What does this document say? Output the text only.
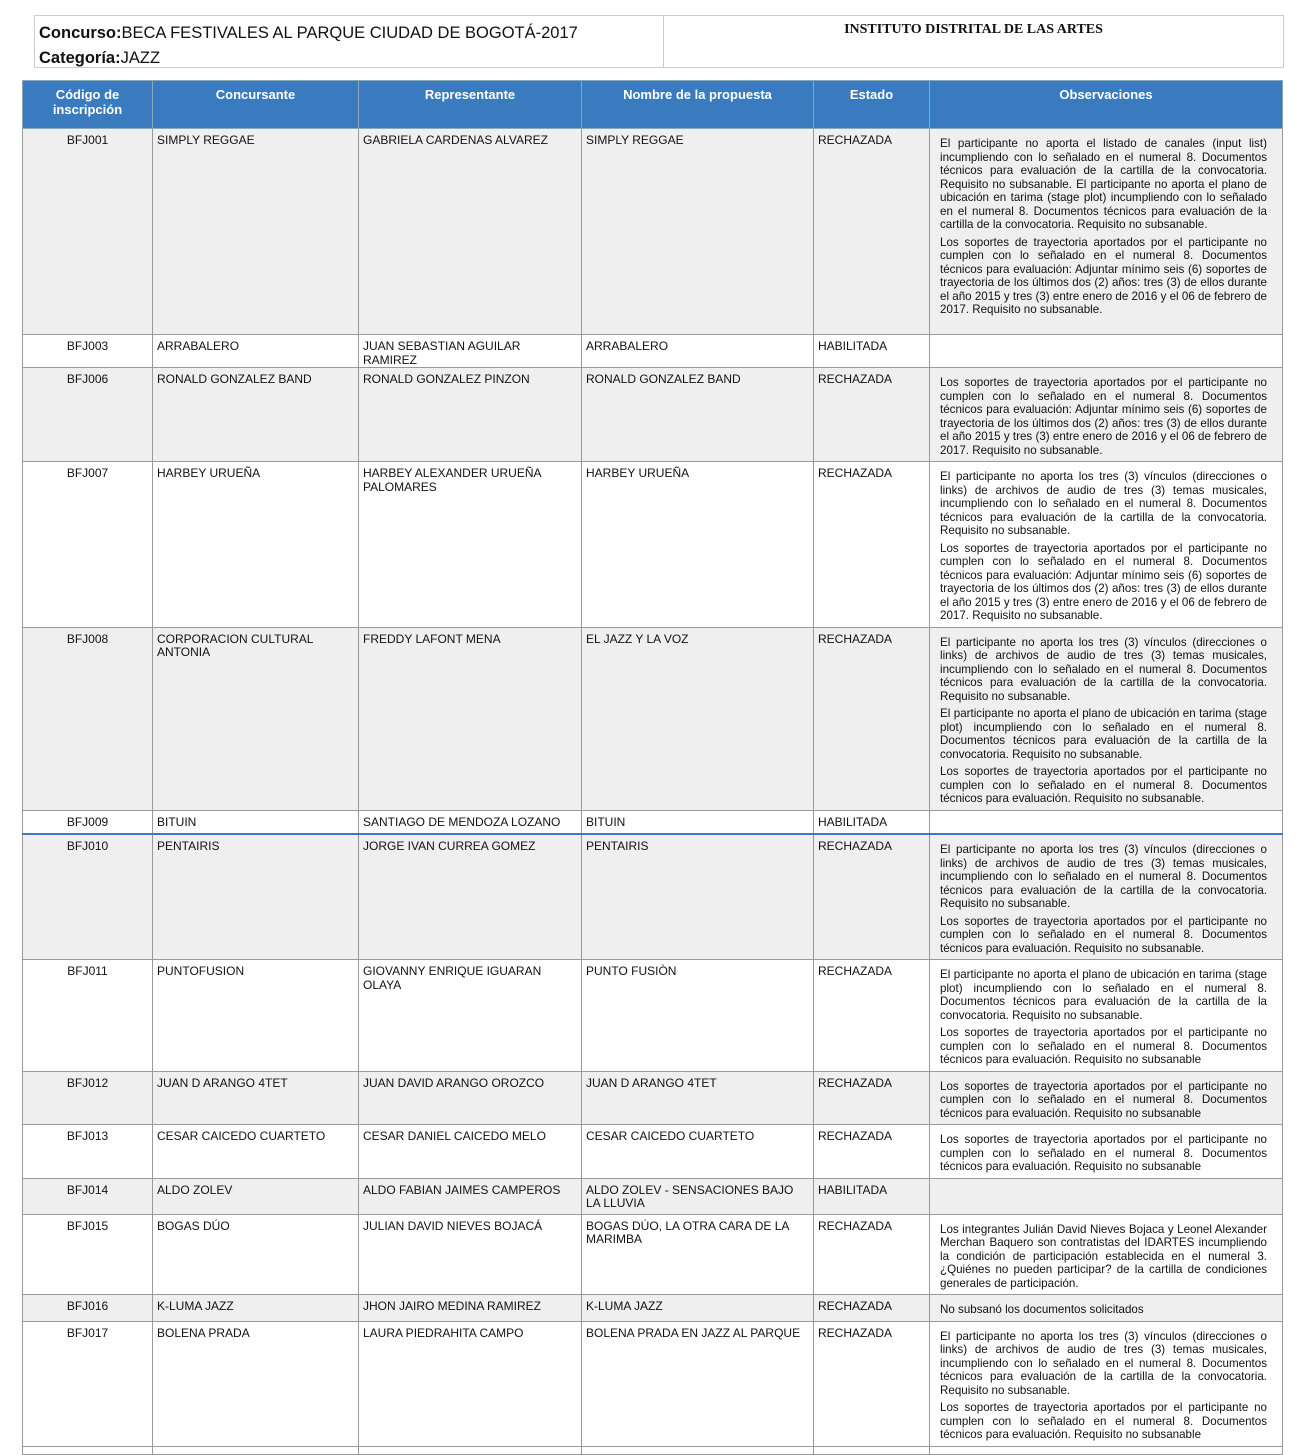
Concurso:BECA FESTIVALES AL PARQUE CIUDAD DE BOGOTÁ-2017
Categoría:JAZZ
INSTITUTO DISTRITAL DE LAS ARTES
Código de inscripción	Concursante	Representante	Nombre de la propuesta	Estado	Observaciones
BFJ001	SIMPLY REGGAE	GABRIELA CARDENAS ALVAREZ	SIMPLY REGGAE	RECHAZADA	El participante no aporta el listado de canales (input list) incumpliendo con lo señalado en el numeral 8. Documentos técnicos para evaluación de la cartilla de la convocatoria. Requisito no subsanable. El participante no aporta el plano de ubicación en tarima (stage plot) incumpliendo con lo señalado en el numeral 8. Documentos técnicos para evaluación de la cartilla de la convocatoria. Requisito no subsanable.

Los soportes de trayectoria aportados por el participante no cumplen con lo señalado en el numeral 8. Documentos técnicos para evaluación: Adjuntar mínimo seis (6) soportes de trayectoria de los últimos dos (2) años: tres (3) de ellos durante el año 2015 y tres (3) entre enero de 2016 y el 06 de febrero de 2017. Requisito no subsanable.

BFJ003	ARRABALERO	JUAN SEBASTIAN AGUILAR RAMIREZ	ARRABALERO	HABILITADA	
BFJ006	RONALD GONZALEZ BAND	RONALD GONZALEZ PINZON	RONALD GONZALEZ BAND	RECHAZADA	Los soportes de trayectoria aportados por el participante no cumplen con lo señalado en el numeral 8. Documentos técnicos para evaluación: Adjuntar mínimo seis (6) soportes de trayectoria de los últimos dos (2) años: tres (3) de ellos durante el año 2015 y tres (3) entre enero de 2016 y el 06 de febrero de 2017. Requisito no subsanable.

BFJ007	HARBEY URUEÑA	HARBEY ALEXANDER URUEÑA PALOMARES	HARBEY URUEÑA	RECHAZADA	El participante no aporta los tres (3) vínculos (direcciones o links) de archivos de audio de tres (3) temas musicales, incumpliendo con lo señalado en el numeral 8. Documentos técnicos para evaluación de la cartilla de la convocatoria. Requisito no subsanable.

Los soportes de trayectoria aportados por el participante no cumplen con lo señalado en el numeral 8. Documentos técnicos para evaluación: Adjuntar mínimo seis (6) soportes de trayectoria de los últimos dos (2) años: tres (3) de ellos durante el año 2015 y tres (3) entre enero de 2016 y el 06 de febrero de 2017. Requisito no subsanable.

BFJ008	CORPORACION CULTURAL ANTONIA	FREDDY LAFONT MENA	EL JAZZ Y LA VOZ	RECHAZADA	El participante no aporta los tres (3) vínculos (direcciones o links) de archivos de audio de tres (3) temas musicales, incumpliendo con lo señalado en el numeral 8. Documentos técnicos para evaluación de la cartilla de la convocatoria. Requisito no subsanable.

El participante no aporta el plano de ubicación en tarima (stage plot) incumpliendo con lo señalado en el numeral 8. Documentos técnicos para evaluación de la cartilla de la convocatoria. Requisito no subsanable.

Los soportes de trayectoria aportados por el participante no cumplen con lo señalado en el numeral 8. Documentos técnicos para evaluación. Requisito no subsanable.

BFJ009	BITUIN	SANTIAGO DE MENDOZA LOZANO	BITUIN	HABILITADA	
BFJ010	PENTAIRIS	JORGE IVAN CURREA GOMEZ	PENTAIRIS	RECHAZADA	El participante no aporta los tres (3) vínculos (direcciones o links) de archivos de audio de tres (3) temas musicales, incumpliendo con lo señalado en el numeral 8. Documentos técnicos para evaluación de la cartilla de la convocatoria. Requisito no subsanable.

Los soportes de trayectoria aportados por el participante no cumplen con lo señalado en el numeral 8. Documentos técnicos para evaluación. Requisito no subsanable.

BFJ011	PUNTOFUSION	GIOVANNY ENRIQUE IGUARAN OLAYA	PUNTO FUSIÒN	RECHAZADA	El participante no aporta el plano de ubicación en tarima (stage plot) incumpliendo con lo señalado en el numeral 8. Documentos técnicos para evaluación de la cartilla de la convocatoria. Requisito no subsanable.

Los soportes de trayectoria aportados por el participante no cumplen con lo señalado en el numeral 8. Documentos técnicos para evaluación. Requisito no subsanable

BFJ012	JUAN D ARANGO 4TET	JUAN DAVID ARANGO OROZCO	JUAN D ARANGO 4TET	RECHAZADA	Los soportes de trayectoria aportados por el participante no cumplen con lo señalado en el numeral 8. Documentos técnicos para evaluación. Requisito no subsanable

BFJ013	CESAR CAICEDO CUARTETO	CESAR DANIEL CAICEDO MELO	CESAR CAICEDO CUARTETO	RECHAZADA	Los soportes de trayectoria aportados por el participante no cumplen con lo señalado en el numeral 8. Documentos técnicos para evaluación. Requisito no subsanable

BFJ014	ALDO ZOLEV	ALDO FABIAN JAIMES CAMPEROS	ALDO ZOLEV - SENSACIONES BAJO LA LLUVIA	HABILITADA	
BFJ015	BOGAS DÚO	JULIAN DAVID NIEVES BOJACÁ	BOGAS DÚO, LA OTRA CARA DE LA MARIMBA	RECHAZADA	Los integrantes Julián David Nieves Bojaca y Leonel Alexander Merchan Baquero son contratistas del IDARTES incumpliendo la condición de participación establecida en el numeral 3. ¿Quiénes no pueden participar? de la cartilla de condiciones generales de participación.

BFJ016	K-LUMA JAZZ	JHON JAIRO MEDINA RAMIREZ	K-LUMA JAZZ	RECHAZADA	No subsanó los documentos solicitados

BFJ017	BOLENA PRADA	LAURA PIEDRAHITA CAMPO	BOLENA PRADA EN JAZZ AL PARQUE	RECHAZADA	El participante no aporta los tres (3) vínculos (direcciones o links) de archivos de audio de tres (3) temas musicales, incumpliendo con lo señalado en el numeral 8. Documentos técnicos para evaluación de la cartilla de la convocatoria. Requisito no subsanable.

Los soportes de trayectoria aportados por el participante no cumplen con lo señalado en el numeral 8. Documentos técnicos para evaluación. Requisito no subsanable
